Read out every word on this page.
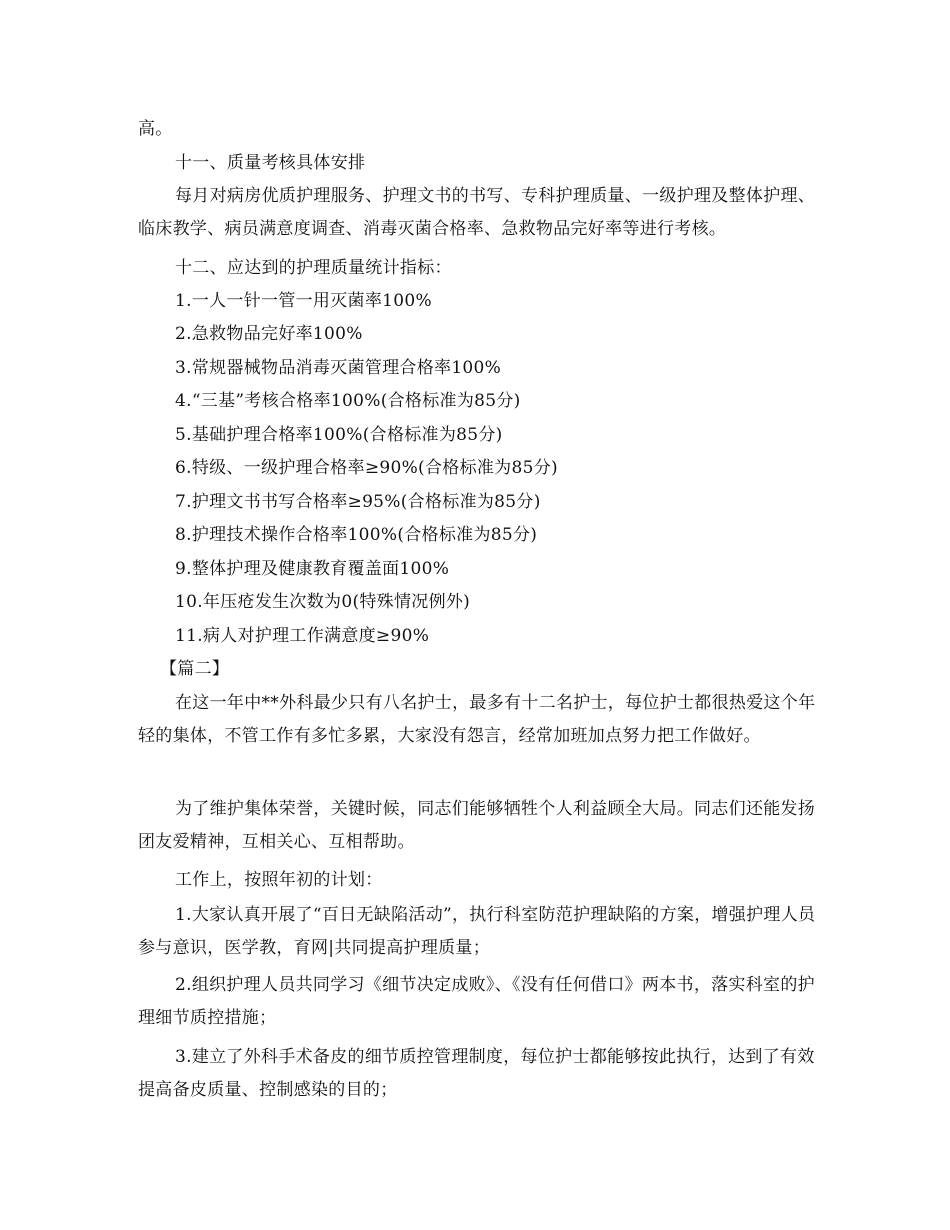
高。

十一、质量考核具体安排

每月对病房优质护理服务、护理文书的书写、专科护理质量、一级护理及整体护理、临床教学、病员满意度调查、消毒灭菌合格率、急救物品完好率等进行考核。

十二、应达到的护理质量统计指标：

1.一人一针一管一用灭菌率100%

2.急救物品完好率100%

3.常规器械物品消毒灭菌管理合格率100%

4.“三基”考核合格率100%(合格标准为85分)

5.基础护理合格率100%(合格标准为85分)

6.特级、一级护理合格率≥90%(合格标准为85分)

7.护理文书书写合格率≥95%(合格标准为85分)

8.护理技术操作合格率100%(合格标准为85分)

9.整体护理及健康教育覆盖面100%

10.年压疮发生次数为0(特殊情况例外)

11.病人对护理工作满意度≥90%

【篇二】

在这一年中**外科最少只有八名护士，最多有十二名护士，每位护士都很热爱这个年轻的集体，不管工作有多忙多累，大家没有怨言，经常加班加点努力把工作做好。

为了维护集体荣誉，关键时候，同志们能够牺牲个人利益顾全大局。同志们还能发扬团友爱精神，互相关心、互相帮助。

工作上，按照年初的计划：

1.大家认真开展了“百日无缺陷活动”，执行科室防范护理缺陷的方案，增强护理人员参与意识，医学教，育网|共同提高护理质量；

2.组织护理人员共同学习《细节决定成败》、《没有任何借口》两本书，落实科室的护理细节质控措施；

3.建立了外科手术备皮的细节质控管理制度，每位护士都能够按此执行，达到了有效提高备皮质量、控制感染的目的；
